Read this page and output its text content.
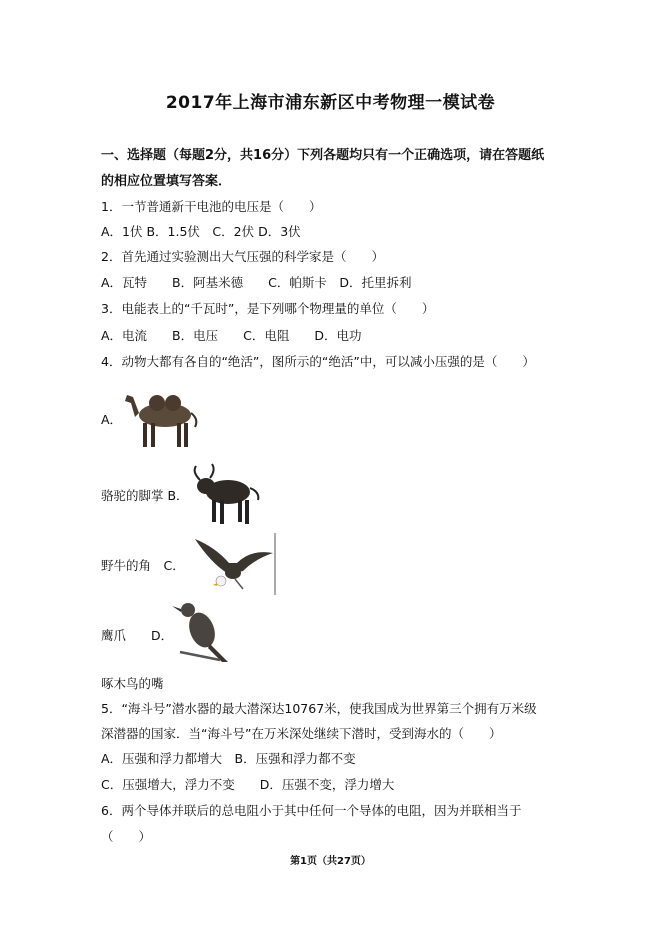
2017年上海市浦东新区中考物理一模试卷
一、选择题（每题2分，共16分）下列各题均只有一个正确选项，请在答题纸
的相应位置填写答案．
1．一节普通新干电池的电压是（　　）
A．1伏 B．1.5伏　C．2伏 D．3伏
2．首先通过实验测出大气压强的科学家是（　　）
A．瓦特　　B．阿基米德　　C．帕斯卡　D．托里拆利
3．电能表上的“千瓦时”，是下列哪个物理量的单位（　　）
A．电流　　B．电压　　C．电阻　　D．电功
4．动物大都有各自的“绝活”，图所示的“绝活”中，可以减小压强的是（　　）
A．
骆驼的脚掌 B．
野牛的角　C．
鹰爪　　D．
啄木鸟的嘴
5．“海斗号”潜水器的最大潜深达10767米，使我国成为世界第三个拥有万米级
深潜器的国家．当“海斗号”在万米深处继续下潜时，受到海水的（　　）
A．压强和浮力都增大　B．压强和浮力都不变
C．压强增大，浮力不变　　D．压强不变，浮力增大
6．两个导体并联后的总电阻小于其中任何一个导体的电阻，因为并联相当于
（　　）
第1页（共27页）
